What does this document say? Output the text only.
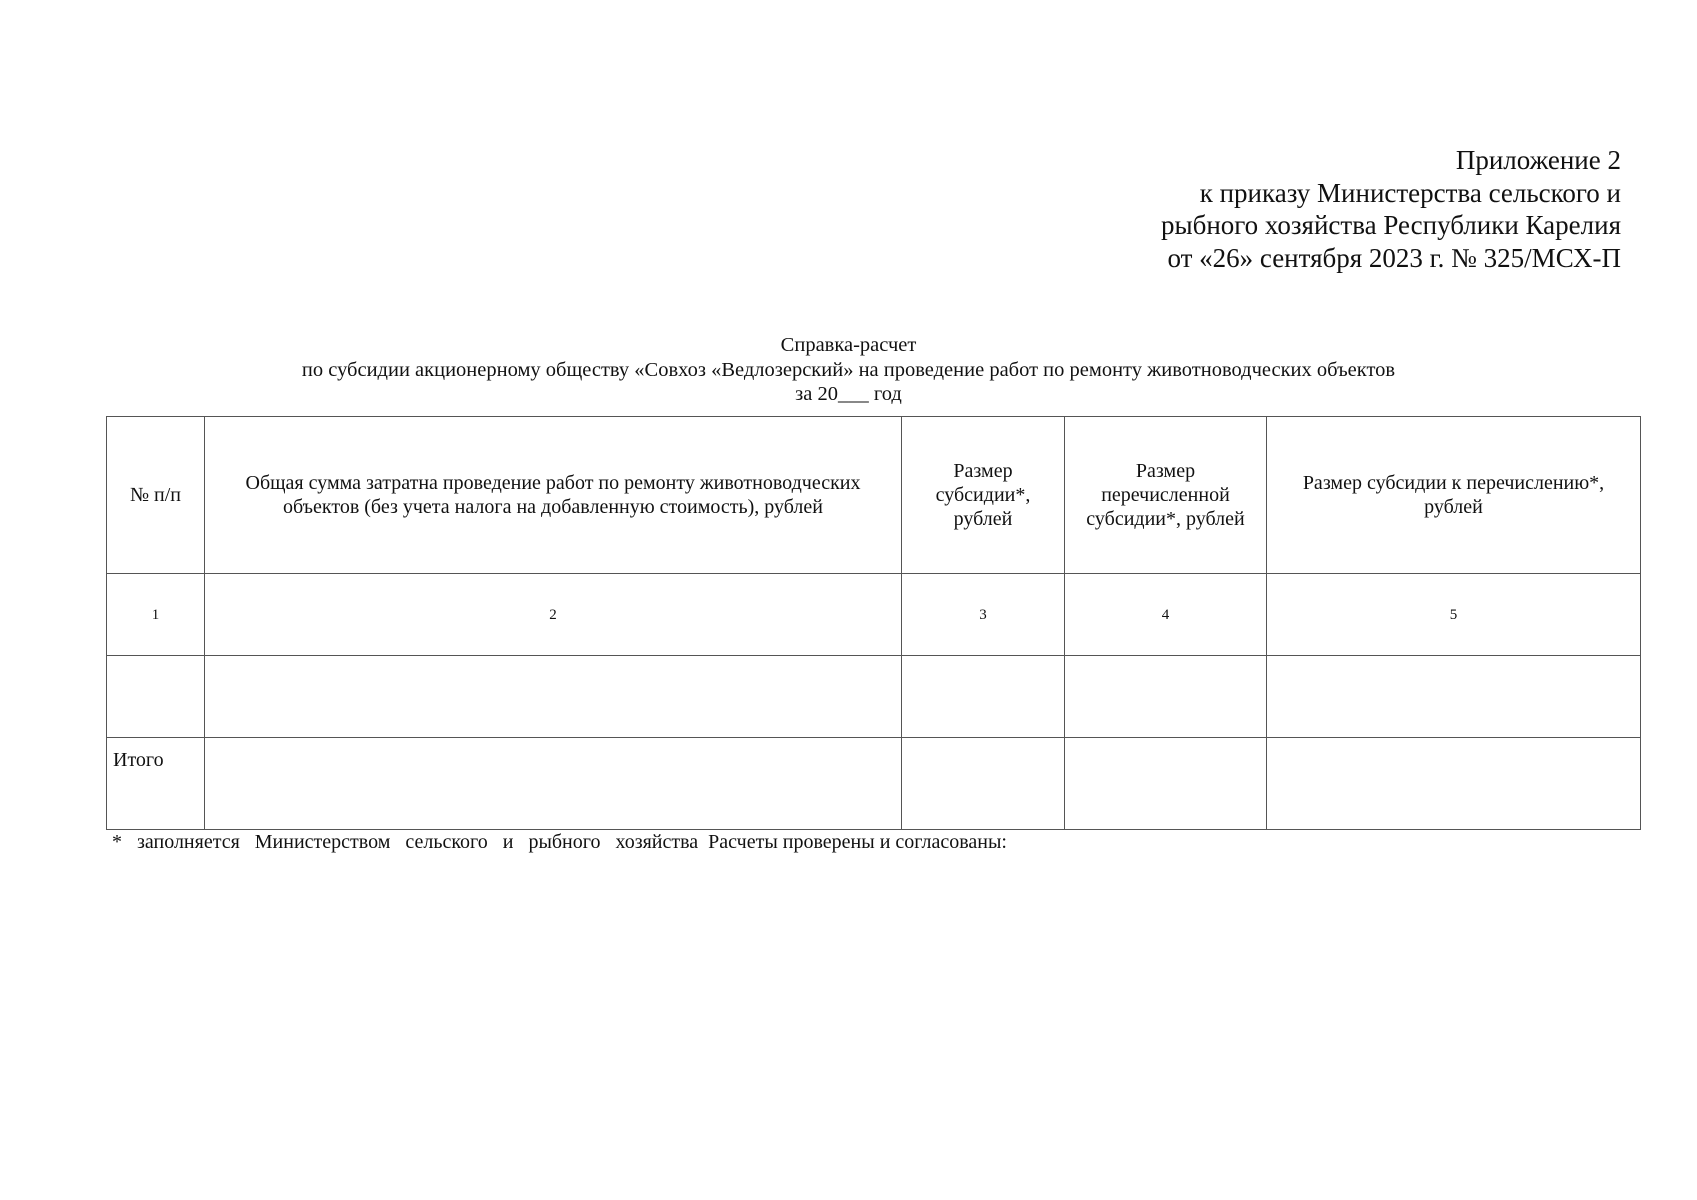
Приложение 2
к приказу Министерства сельского и
рыбного хозяйства Республики Карелия
от «26» сентября 2023 г. № 325/МСХ-П
Справка-расчет
по субсидии акционерному обществу «Совхоз «Ведлозерский» на проведение работ по ремонту животноводческих объектов
за 20___ год
№ п/п	Общая сумма затратна проведение работ по ремонту животноводческих объектов (без учета налога на добавленную стоимость), рублей	Размер субсидии*, рублей	Размер перечисленной субсидии*, рублей	Размер субсидии к перечислению*, рублей
1	2	3	4	5

Итого				
*   заполняется   Министерством   сельского   и   рыбного   хозяйства  Расчеты проверены и согласованы:
